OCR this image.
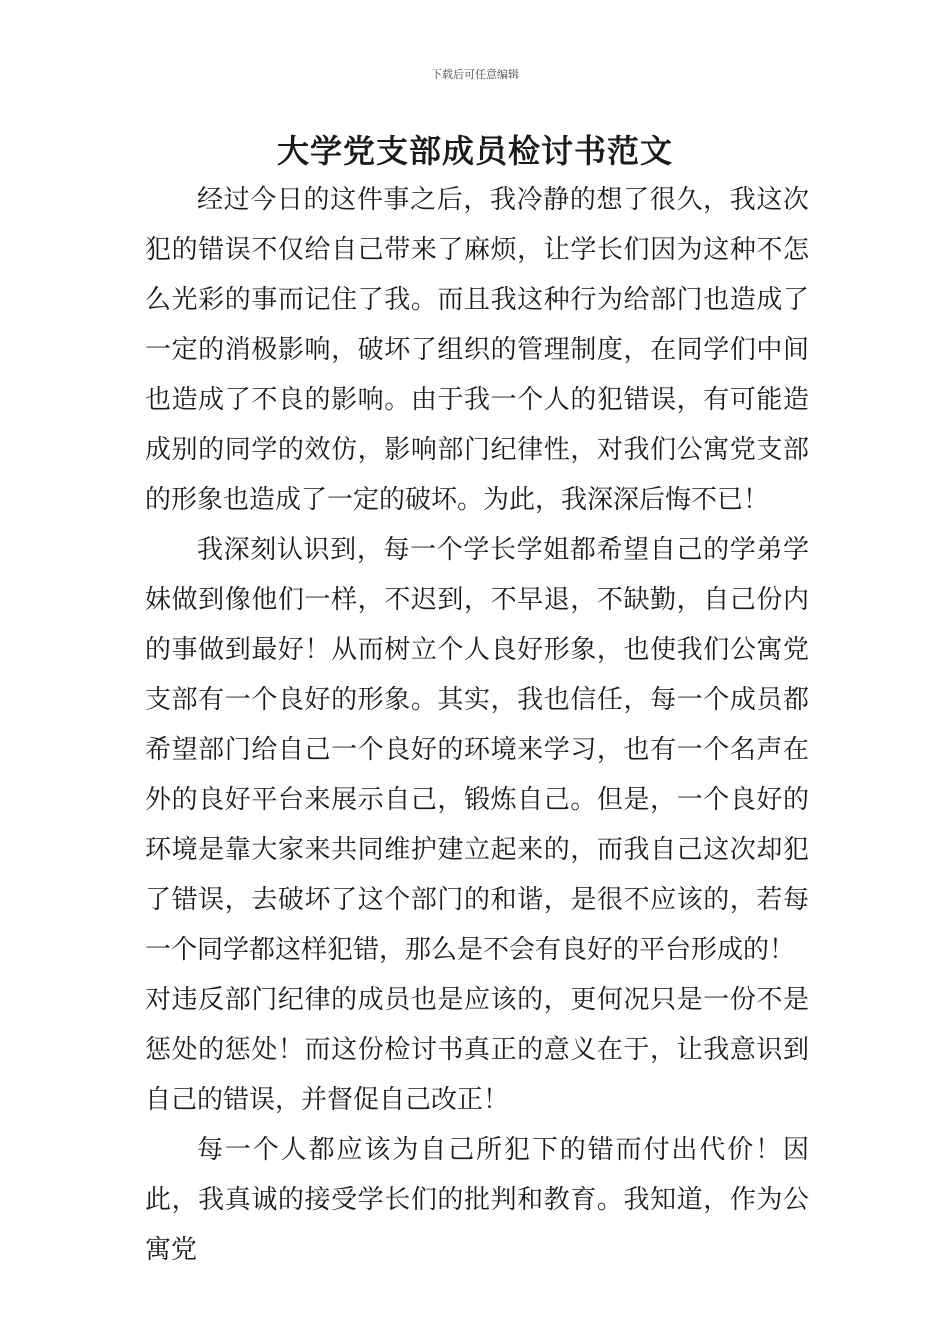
下载后可任意编辑
大学党支部成员检讨书范文

经过今日的这件事之后，我冷静的想了很久，我这次犯的错误不仅给自己带来了麻烦，让学长们因为这种不怎么光彩的事而记住了我。而且我这种行为给部门也造成了一定的消极影响，破坏了组织的管理制度，在同学们中间也造成了不良的影响。由于我一个人的犯错误，有可能造成别的同学的效仿，影响部门纪律性，对我们公寓党支部的形象也造成了一定的破坏。为此，我深深后悔不已！

我深刻认识到，每一个学长学姐都希望自己的学弟学妹做到像他们一样，不迟到，不早退，不缺勤，自己份内的事做到最好！从而树立个人良好形象，也使我们公寓党支部有一个良好的形象。其实，我也信任，每一个成员都希望部门给自己一个良好的环境来学习，也有一个名声在外的良好平台来展示自己，锻炼自己。但是，一个良好的环境是靠大家来共同维护建立起来的，而我自己这次却犯了错误，去破坏了这个部门的和谐，是很不应该的，若每一个同学都这样犯错，那么是不会有良好的平台形成的！

对违反部门纪律的成员也是应该的，更何况只是一份不是惩处的惩处！而这份检讨书真正的意义在于，让我意识到自己的错误，并督促自己改正！

每一个人都应该为自己所犯下的错而付出代价！因此，我真诚的接受学长们的批判和教育。我知道，作为公寓党
